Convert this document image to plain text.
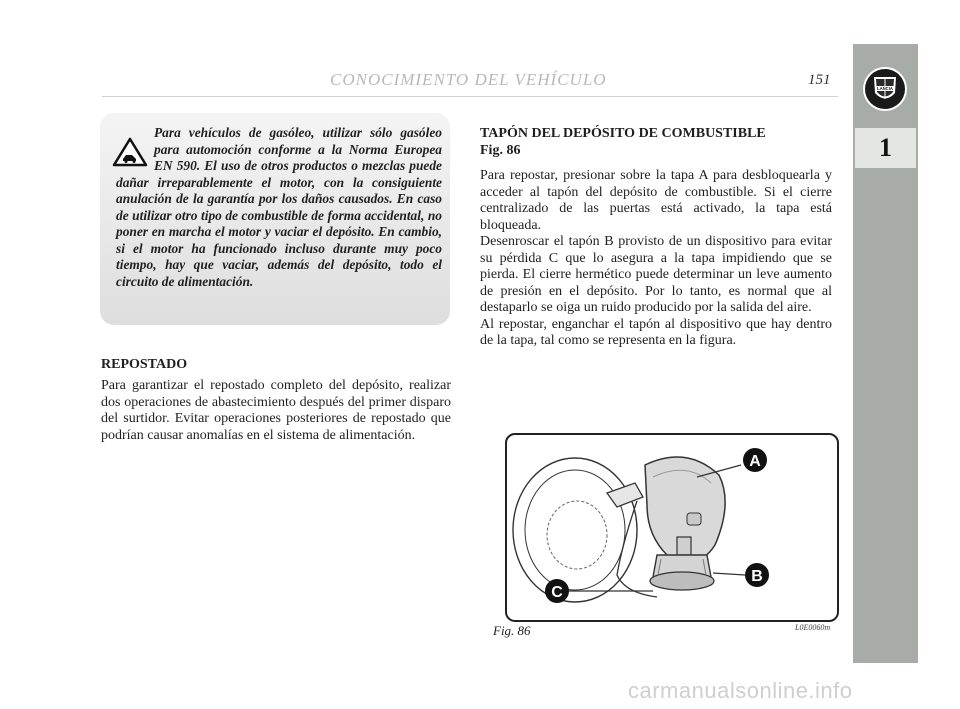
CONOCIMIENTO DEL VEHÍCULO	151
LANCIA
1

Para vehículos de gasóleo, utilizar sólo gasóleo para automoción conforme a la Norma Europea EN 590. El uso de otros productos o mezclas puede dañar irreparablemente el motor, con la consiguiente anulación de la garantía por los daños causados. En caso de utilizar otro tipo de combustible de forma accidental, no poner en marcha el motor y vaciar el depósito. En cambio, si el motor ha funcionado incluso durante muy poco tiempo, hay que vaciar, además del depósito, todo el circuito de alimentación.

REPOSTADO
Para garantizar el repostado completo del depósito, realizar dos operaciones de abastecimiento después del primer disparo del surtidor. Evitar operaciones posteriores de repostado que podrían causar anomalías en el sistema de alimentación.
TAPÓN DEL DEPÓSITO DE COMBUSTIBLE
Fig. 86

Para repostar, presionar sobre la tapa A para desbloquearla y acceder al tapón del depósito de combustible. Si el cierre centralizado de las puertas está activado, la tapa está bloqueada.

Desenroscar el tapón B provisto de un dispositivo para evitar su pérdida C que lo asegura a la tapa impidiendo que se pierda. El cierre hermético puede determinar un leve aumento de presión en el depósito. Por lo tanto, es normal que al destaparlo se oiga un ruido producido por la salida del aire.

Al repostar, enganchar el tapón al dispositivo que hay dentro de la tapa, tal como se representa en la figura.

A
B
C
Fig. 86	L0E0060m
carmanualsonline.info
